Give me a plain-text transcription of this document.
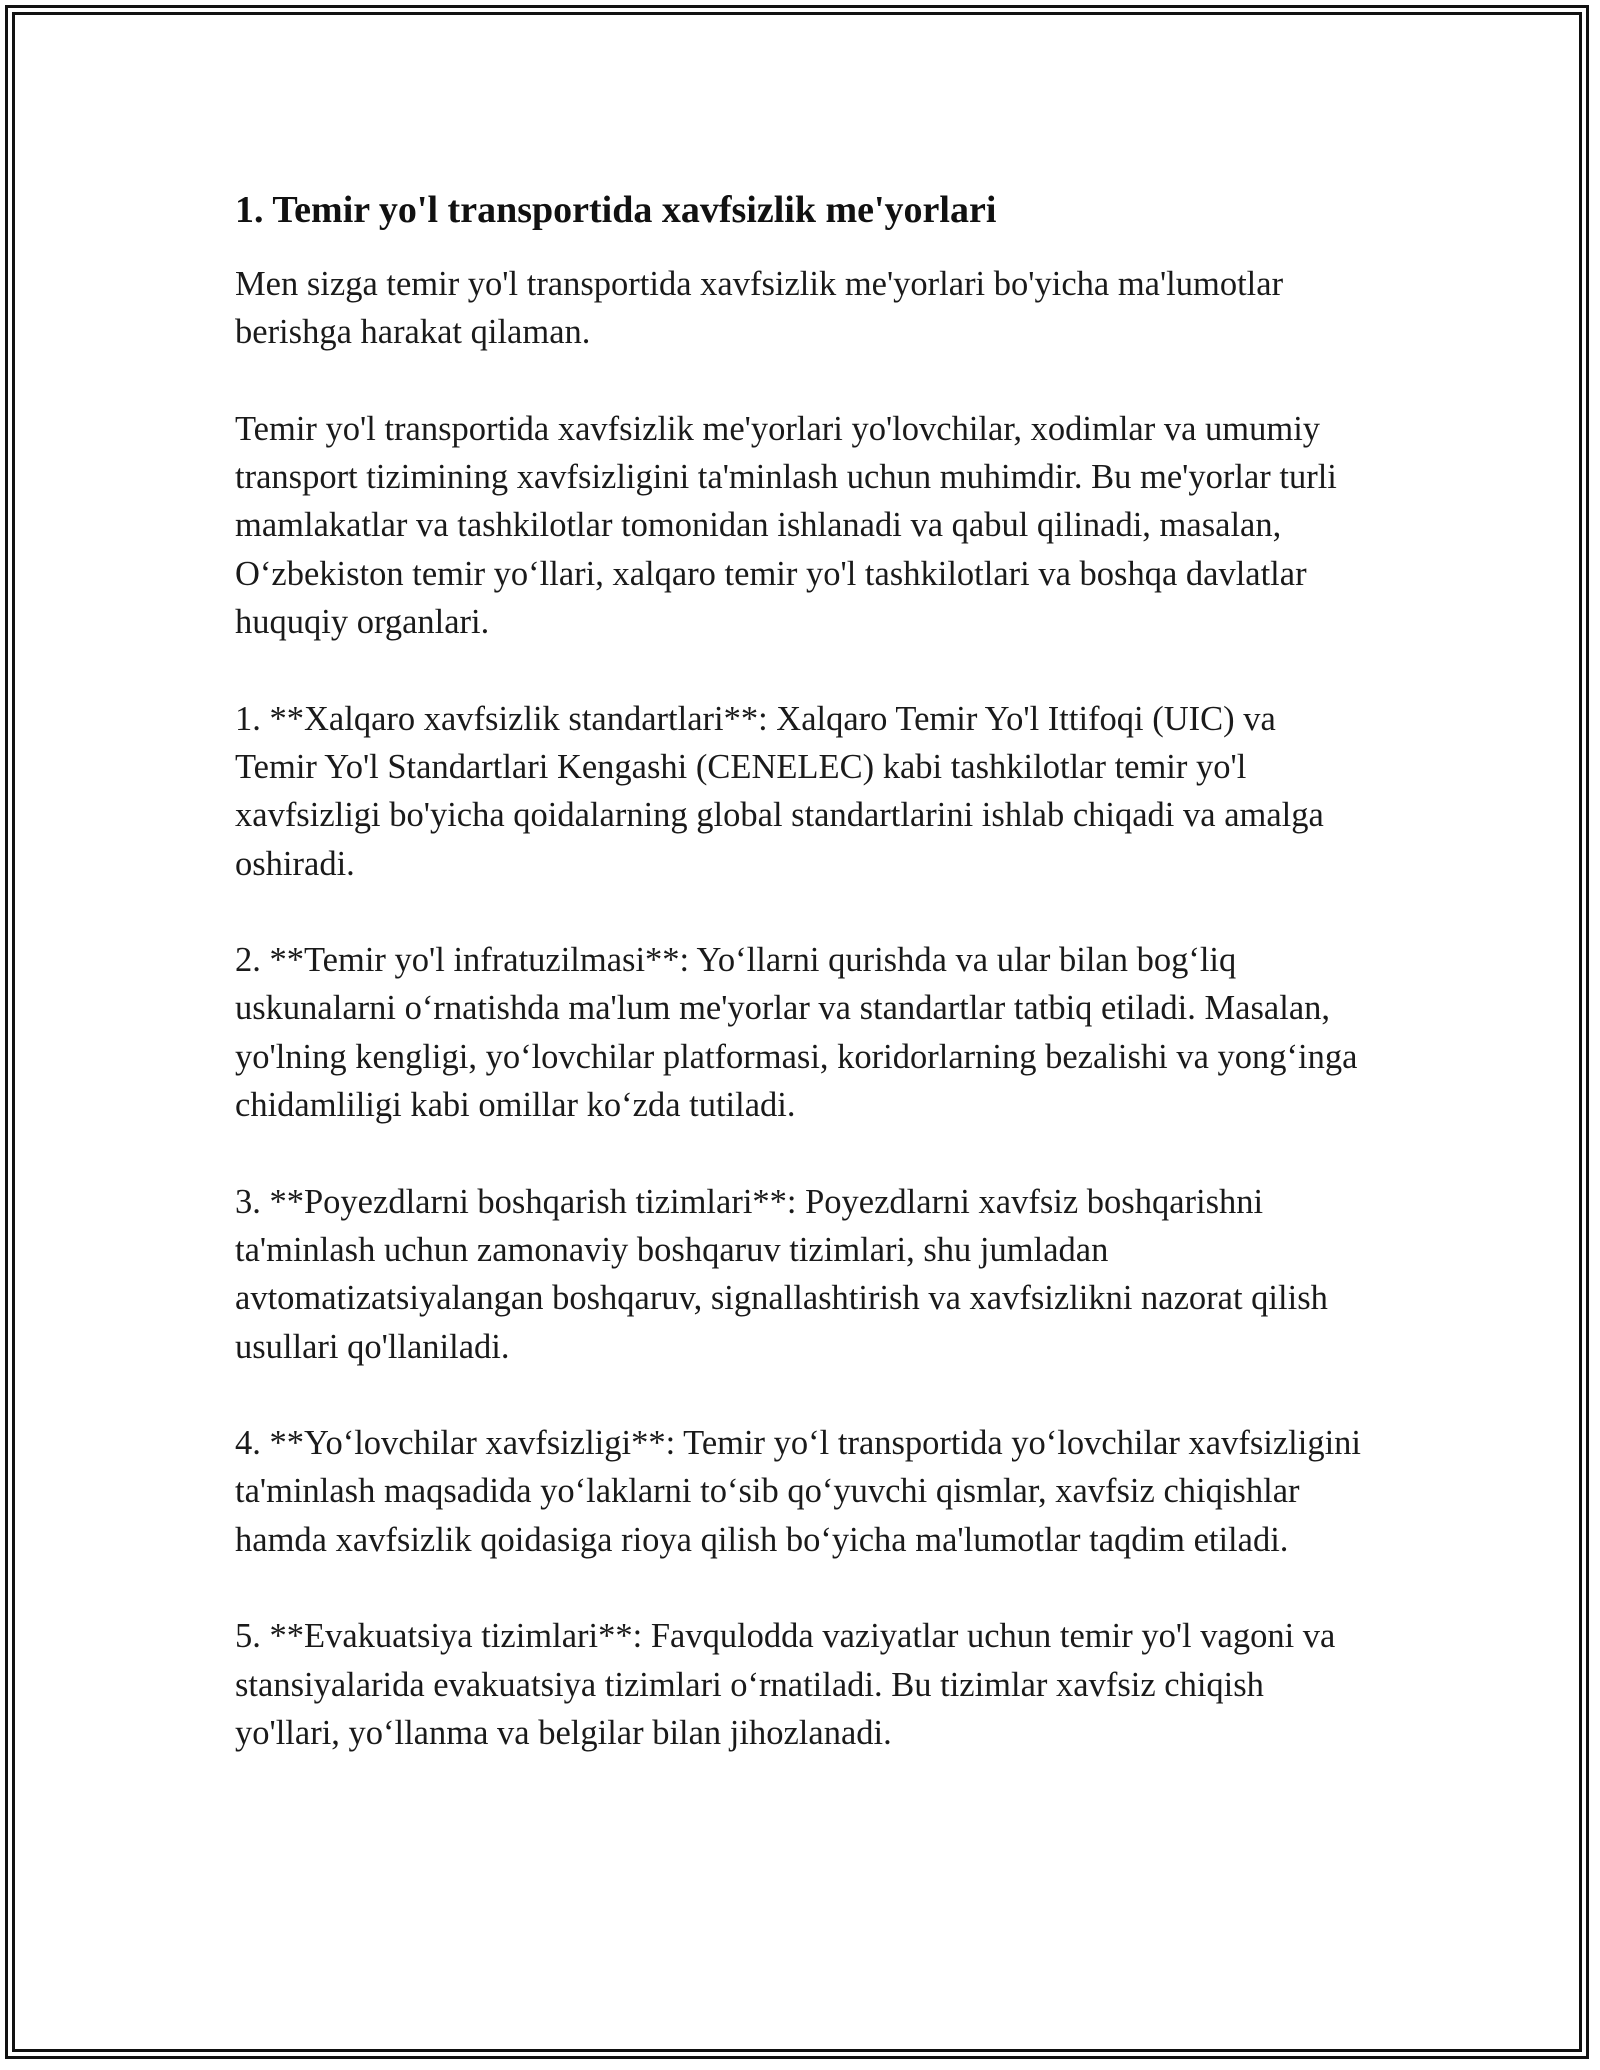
1. Temir yo'l transportida xavfsizlik me'yorlari

Men sizga temir yo'l transportida xavfsizlik me'yorlari bo'yicha ma'lumotlar berishga harakat qilaman.

Temir yo'l transportida xavfsizlik me'yorlari yo'lovchilar, xodimlar va umumiy transport tizimining xavfsizligini ta'minlash uchun muhimdir. Bu me'yorlar turli mamlakatlar va tashkilotlar tomonidan ishlanadi va qabul qilinadi, masalan, O‘zbekiston temir yo‘llari, xalqaro temir yo'l tashkilotlari va boshqa davlatlar huquqiy organlari.

1. **Xalqaro xavfsizlik standartlari**: Xalqaro Temir Yo'l Ittifoqi (UIC) va Temir Yo'l Standartlari Kengashi (CENELEC) kabi tashkilotlar temir yo'l xavfsizligi bo'yicha qoidalarning global standartlarini ishlab chiqadi va amalga oshiradi.

2. **Temir yo'l infratuzilmasi**: Yo‘llarni qurishda va ular bilan bog‘liq uskunalarni o‘rnatishda ma'lum me'yorlar va standartlar tatbiq etiladi. Masalan, yo'lning kengligi, yo‘lovchilar platformasi, koridorlarning bezalishi va yong‘inga chidamliligi kabi omillar ko‘zda tutiladi.

3. **Poyezdlarni boshqarish tizimlari**: Poyezdlarni xavfsiz boshqarishni ta'minlash uchun zamonaviy boshqaruv tizimlari, shu jumladan avtomatizatsiyalangan boshqaruv, signallashtirish va xavfsizlikni nazorat qilish usullari qo'llaniladi.

4. **Yo‘lovchilar xavfsizligi**: Temir yo‘l transportida yo‘lovchilar xavfsizligini ta'minlash maqsadida yo‘laklarni to‘sib qo‘yuvchi qismlar, xavfsiz chiqishlar hamda xavfsizlik qoidasiga rioya qilish bo‘yicha ma'lumotlar taqdim etiladi.

5. **Evakuatsiya tizimlari**: Favqulodda vaziyatlar uchun temir yo'l vagoni va stansiyalarida evakuatsiya tizimlari o‘rnatiladi. Bu tizimlar xavfsiz chiqish yo'llari, yo‘llanma va belgilar bilan jihozlanadi.
